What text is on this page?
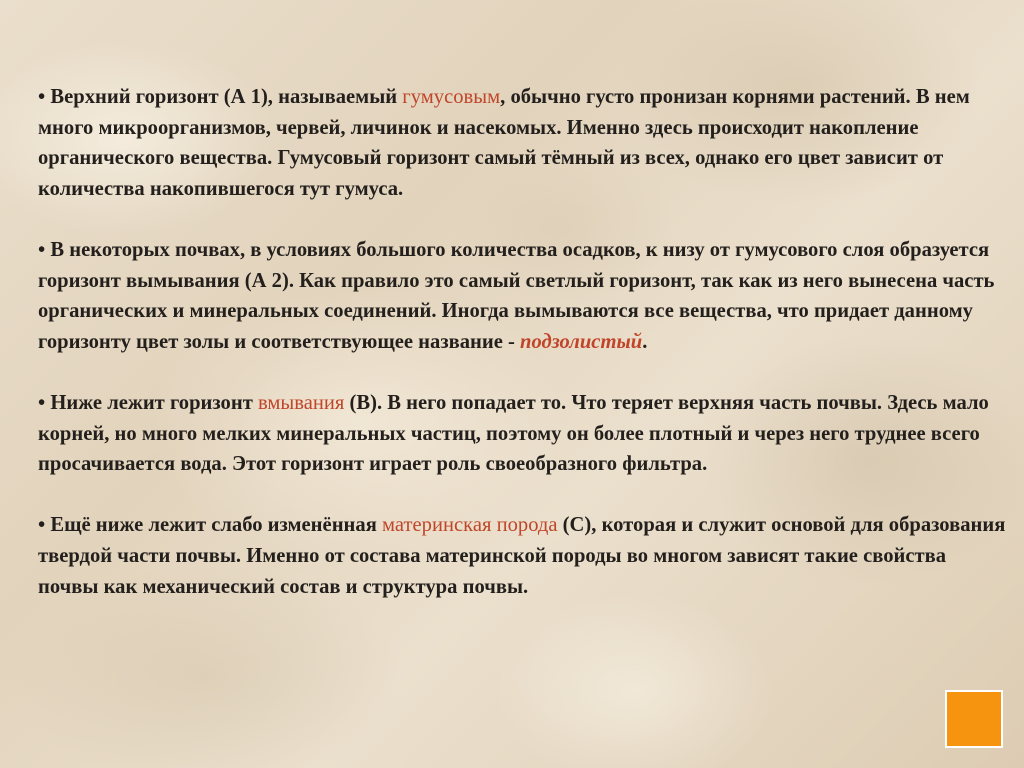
• Верхний горизонт (А 1), называемый гумусовым, обычно густо пронизан корнями растений. В нем много микроорганизмов, червей, личинок и насекомых. Именно здесь происходит накопление органического вещества. Гумусовый горизонт самый тёмный из всех, однако его цвет зависит от количества накопившегося тут гумуса.

• В некоторых почвах, в условиях большого количества осадков, к низу от гумусового слоя образуется горизонт вымывания (А 2). Как правило это самый светлый горизонт, так как из него вынесена часть органических и минеральных соединений. Иногда вымываются все вещества, что придает данному горизонту цвет золы и соответствующее название - подзолистый.

• Ниже лежит горизонт вмывания (В). В него попадает то. Что теряет верхняя часть почвы. Здесь мало корней, но много мелких минеральных частиц, поэтому он более плотный и через него труднее всего просачивается вода. Этот горизонт играет роль своеобразного фильтра.

• Ещё ниже лежит слабо изменённая материнская порода (С), которая и служит основой для образования твердой части почвы. Именно от состава материнской породы во многом зависят такие свойства почвы как механический состав и структура почвы.
